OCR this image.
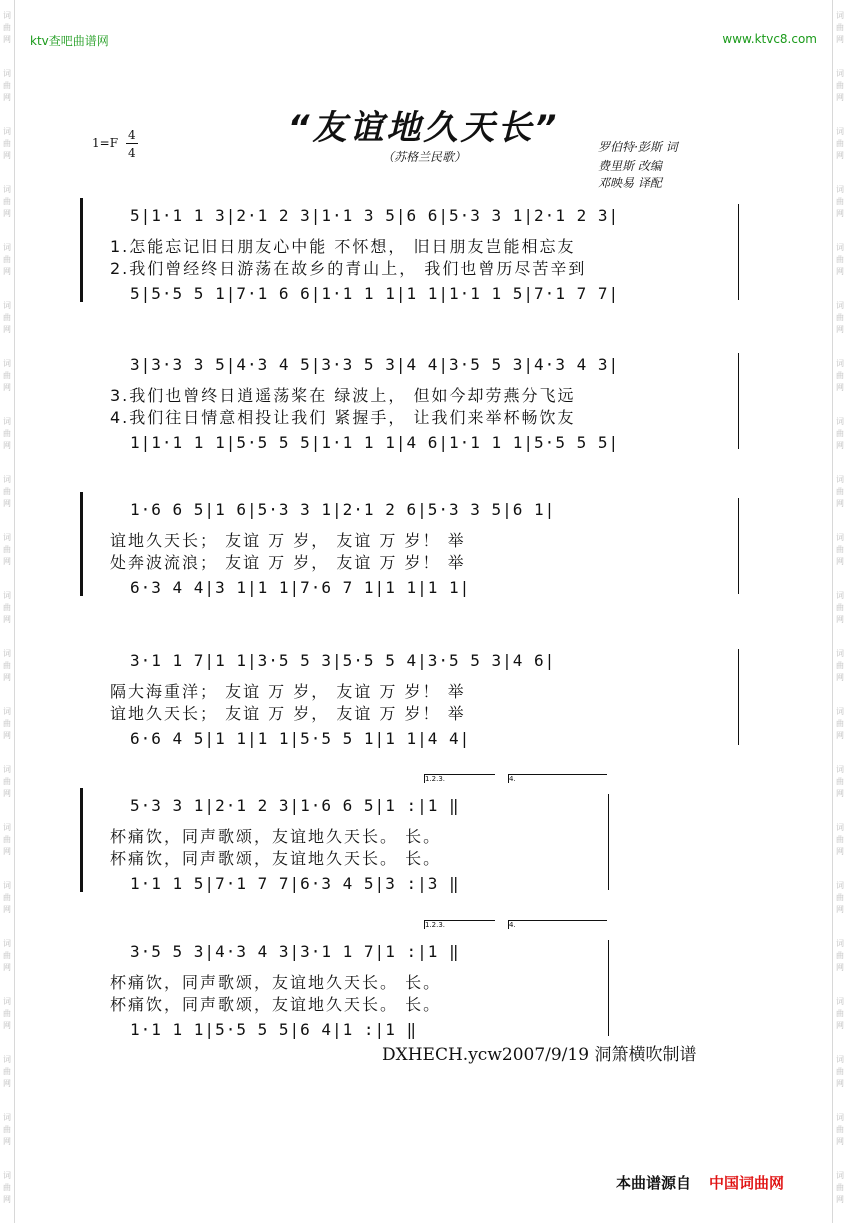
词
曲
网
词
曲
网
词
曲
网
词
曲
网
词
曲
网
词
曲
网
词
曲
网
词
曲
网
词
曲
网
词
曲
网
词
曲
网
词
曲
网
词
曲
网
词
曲
网
词
曲
网
词
曲
网
词
曲
网
词
曲
网
词
曲
网
词
曲
网
词
曲
网
词
曲
网
词
曲
网
词
曲
网
词
曲
网
词
曲
网
词
曲
网
词
曲
网
词
曲
网
词
曲
网
词
曲
网
词
曲
网
词
曲
网
词
曲
网
词
曲
网
词
曲
网
词
曲
网
词
曲
网
词
曲
网
词
曲
网
词
曲
网
词
曲
网
ktv查吧曲谱网	www.ktvc8.com
“友谊地久天长”
（苏格兰民歌）
1=F
4
4	罗伯特·彭斯 词
费里斯 改编
邓映易 译配
5|1·1 1 3|2·1 2 3|1·1 3 5|6 6|5·3 3 1|2·1 2 3|
1.怎能忘记旧日朋友心中能 不怀想， 旧日朋友岂能相忘友
2.我们曾经终日游荡在故乡的青山上， 我们也曾历尽苦辛到
5|5·5 5 1|7·1 6 6|1·1 1 1|1 1|1·1 1 5|7·1 7 7|
3|3·3 3 5|4·3 4 5|3·3 5 3|4 4|3·5 5 3|4·3 4 3|
3.我们也曾终日逍遥荡桨在 绿波上， 但如今却劳燕分飞远
4.我们往日情意相投让我们 紧握手， 让我们来举杯畅饮友
1|1·1 1 1|5·5 5 5|1·1 1 1|4 6|1·1 1 1|5·5 5 5|
1·6 6 5|1 6|5·3 3 1|2·1 2 6|5·3 3 5|6 1|
谊地久天长； 友谊 万 岁， 友谊 万 岁！ 举
处奔波流浪； 友谊 万 岁， 友谊 万 岁！ 举
6·3 4 4|3 1|1 1|7·6 7 1|1 1|1 1|
3·1 1 7|1 1|3·5 5 3|5·5 5 4|3·5 5 3|4 6|
隔大海重洋； 友谊 万 岁， 友谊 万 岁！ 举
谊地久天长； 友谊 万 岁， 友谊 万 岁！ 举
6·6 4 5|1 1|1 1|5·5 5 1|1 1|4 4|
5·3 3 1|2·1 2 3|1·6 6 5|1 :|1 ‖
杯痛饮，同声歌颂，友谊地久天长。 长。
杯痛饮，同声歌颂，友谊地久天长。 长。
1·1 1 5|7·1 7 7|6·3 4 5|3 :|3 ‖
1.2.3.	4.
3·5 5 3|4·3 4 3|3·1 1 7|1 :|1 ‖
杯痛饮，同声歌颂，友谊地久天长。 长。
杯痛饮，同声歌颂，友谊地久天长。 长。
1·1 1 1|5·5 5 5|6 4|1 :|1 ‖
1.2.3.	4.
DXHECH.ycw2007/9/19 洞箫横吹制谱
本曲谱源自 中国词曲网
